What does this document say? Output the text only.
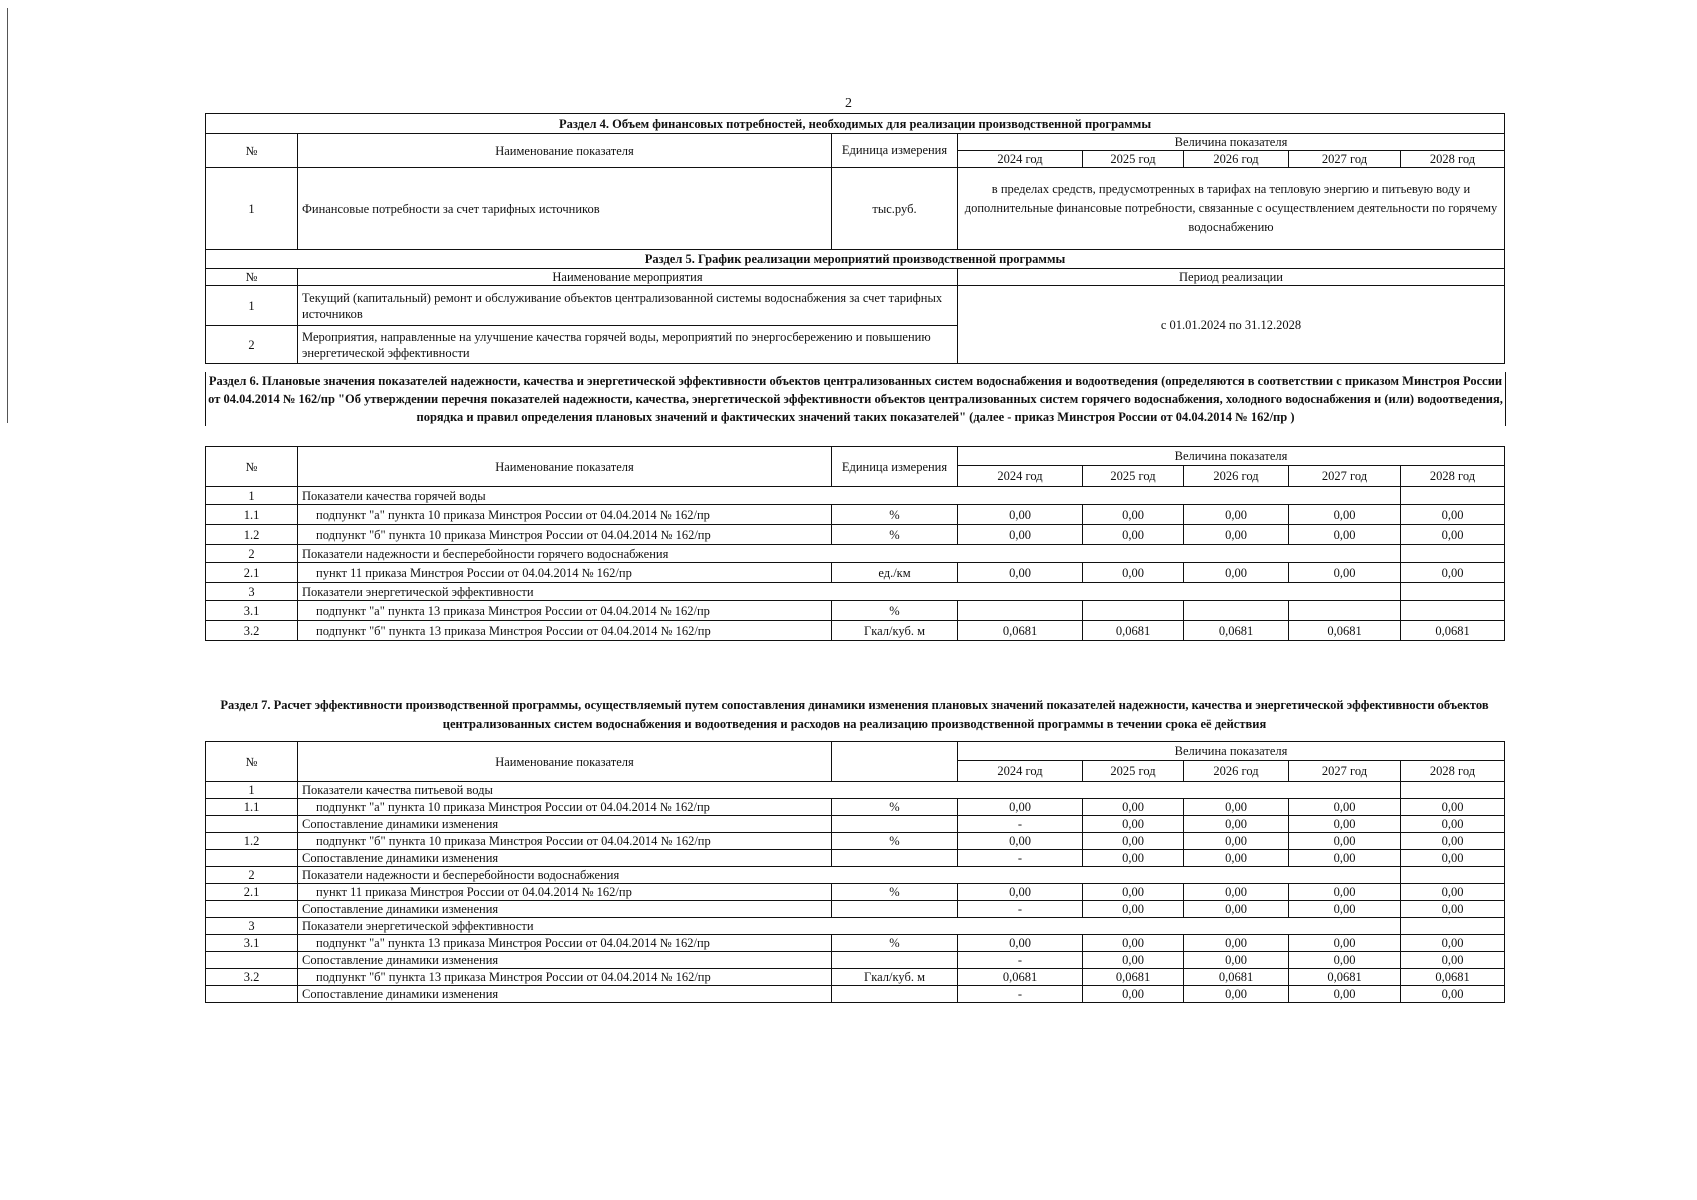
2
Раздел 4. Объем финансовых потребностей, необходимых для реализации производственной программы							
№	Наименование показателя	Единица измерения	Величина показателя				
			2024 год	2025 год	2026 год	2027 год	2028 год
1	Финансовые потребности за счет тарифных источников	тыс.руб.	в пределах средств, предусмотренных в тарифах на тепловую энергию и питьевую воду и дополнительные финансовые потребности, связанные с осуществлением деятельности по горячему водоснабжению				
Раздел 5. График реализации мероприятий производственной программы							
№	Наименование мероприятия		Период реализации				
1	Текущий (капитальный) ремонт и обслуживание объектов централизованной системы водоснабжения за счет тарифных источников		с 01.01.2024 по 31.12.2028				
2	Мероприятия, направленные на улучшение качества горячей воды, мероприятий по энергосбережению и повышению энергетической эффективности						
Раздел 6. Плановые значения показателей надежности, качества и энергетической эффективности объектов централизованных систем водоснабжения и водоотведения (определяются в соответствии с приказом Минстроя России от 04.04.2014 № 162/пр "Об утверждении перечня показателей надежности, качества, энергетической эффективности объектов централизованных систем горячего водоснабжения, холодного водоснабжения и (или) водоотведения, порядка и правил определения плановых значений и фактических значений таких показателей" (далее - приказ Минстроя России от 04.04.2014 № 162/пр )
№	Наименование показателя	Единица измерения	Величина показателя				
			2024 год	2025 год	2026 год	2027 год	2028 год
1	Показатели качества горячей воды						
1.1	подпункт "а" пункта 10 приказа Минстроя России от 04.04.2014 № 162/пр	%	0,00	0,00	0,00	0,00	0,00
1.2	подпункт "б" пункта 10 приказа Минстроя России от 04.04.2014 № 162/пр	%	0,00	0,00	0,00	0,00	0,00
2	Показатели надежности и бесперебойности горячего водоснабжения						
2.1	пункт 11 приказа Минстроя России от 04.04.2014 № 162/пр	ед./км	0,00	0,00	0,00	0,00	0,00
3	Показатели энергетической эффективности						
3.1	подпункт "а" пункта 13 приказа Минстроя России от 04.04.2014 № 162/пр	%					
3.2	подпункт "б" пункта 13 приказа Минстроя России от 04.04.2014 № 162/пр	Гкал/куб. м	0,0681	0,0681	0,0681	0,0681	0,0681
Раздел 7. Расчет эффективности производственной программы, осуществляемый путем сопоставления динамики изменения плановых значений показателей надежности, качества и энергетической эффективности объектов централизованных систем водоснабжения и водоотведения и расходов на реализацию производственной программы в течении срока её действия
№	Наименование показателя		Величина показателя				
			2024 год	2025 год	2026 год	2027 год	2028 год
1	Показатели качества питьевой воды						
1.1	подпункт "а" пункта 10 приказа Минстроя России от 04.04.2014 № 162/пр	%	0,00	0,00	0,00	0,00	0,00
	Сопоставление динамики изменения		-	0,00	0,00	0,00	0,00
1.2	подпункт "б" пункта 10 приказа Минстроя России от 04.04.2014 № 162/пр	%	0,00	0,00	0,00	0,00	0,00
	Сопоставление динамики изменения		-	0,00	0,00	0,00	0,00
2	Показатели надежности и бесперебойности водоснабжения						
2.1	пункт 11 приказа Минстроя России от 04.04.2014 № 162/пр	%	0,00	0,00	0,00	0,00	0,00
	Сопоставление динамики изменения		-	0,00	0,00	0,00	0,00
3	Показатели энергетической эффективности						
3.1	подпункт "а" пункта 13 приказа Минстроя России от 04.04.2014 № 162/пр	%	0,00	0,00	0,00	0,00	0,00
	Сопоставление динамики изменения		-	0,00	0,00	0,00	0,00
3.2	подпункт "б" пункта 13 приказа Минстроя России от 04.04.2014 № 162/пр	Гкал/куб. м	0,0681	0,0681	0,0681	0,0681	0,0681
	Сопоставление динамики изменения		-	0,00	0,00	0,00	0,00
